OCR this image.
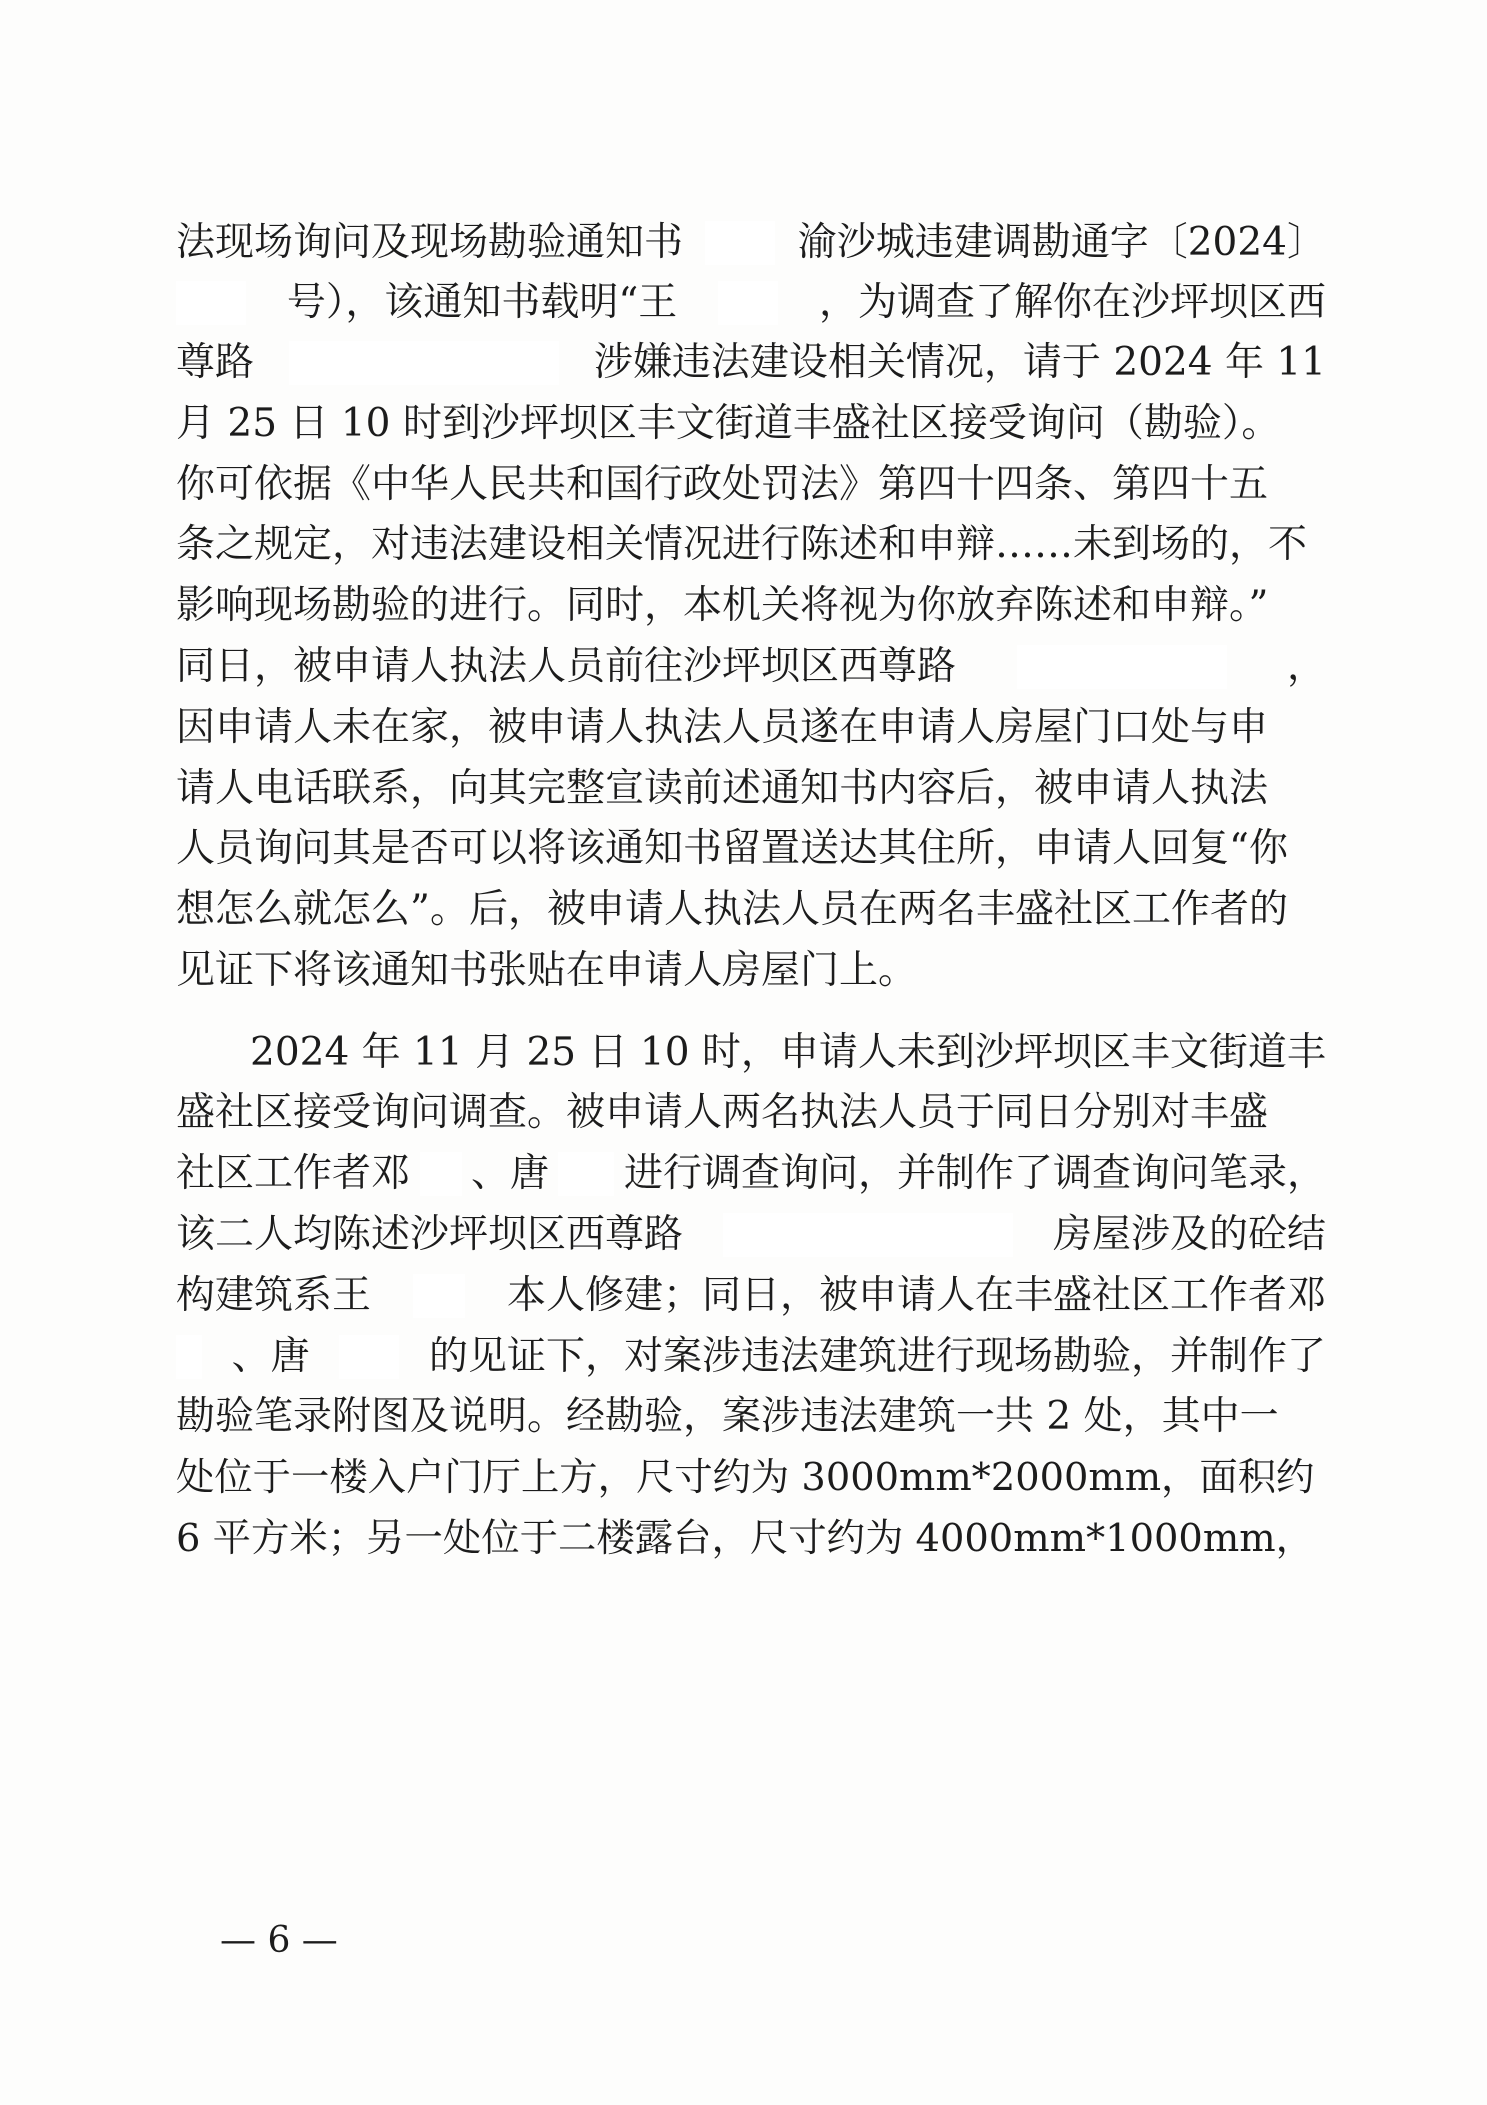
法现场询问及现场勘验通知书	渝沙城违建调勘通字〔2024〕
号），该通知书载明“王	，为调查了解你在沙坪坝区西
尊路	涉嫌违法建设相关情况，请于 2024 年 11
月 25 日 10 时到沙坪坝区丰文街道丰盛社区接受询问（勘验）。
你可依据《中华人民共和国行政处罚法》第四十四条、第四十五
条之规定，对违法建设相关情况进行陈述和申辩……未到场的，不
影响现场勘验的进行。同时，本机关将视为你放弃陈述和申辩。”
同日，被申请人执法人员前往沙坪坝区西尊路	，
因申请人未在家，被申请人执法人员遂在申请人房屋门口处与申
请人电话联系，向其完整宣读前述通知书内容后，被申请人执法
人员询问其是否可以将该通知书留置送达其住所，申请人回复“你
想怎么就怎么”。后，被申请人执法人员在两名丰盛社区工作者的
见证下将该通知书张贴在申请人房屋门上。
2024 年 11 月 25 日 10 时，申请人未到沙坪坝区丰文街道丰
盛社区接受询问调查。被申请人两名执法人员于同日分别对丰盛
社区工作者邓 、唐 进行调查询问，并制作了调查询问笔录，
该二人均陈述沙坪坝区西尊路	房屋涉及的砼结
构建筑系王	本人修建；同日，被申请人在丰盛社区工作者邓
、唐	的见证下，对案涉违法建筑进行现场勘验，并制作了
勘验笔录附图及说明。经勘验，案涉违法建筑一共 2 处，其中一
处位于一楼入户门厅上方，尺寸约为 3000mm*2000mm，面积约
6 平方米；另一处位于二楼露台，尺寸约为 4000mm*1000mm，
— 6 —
